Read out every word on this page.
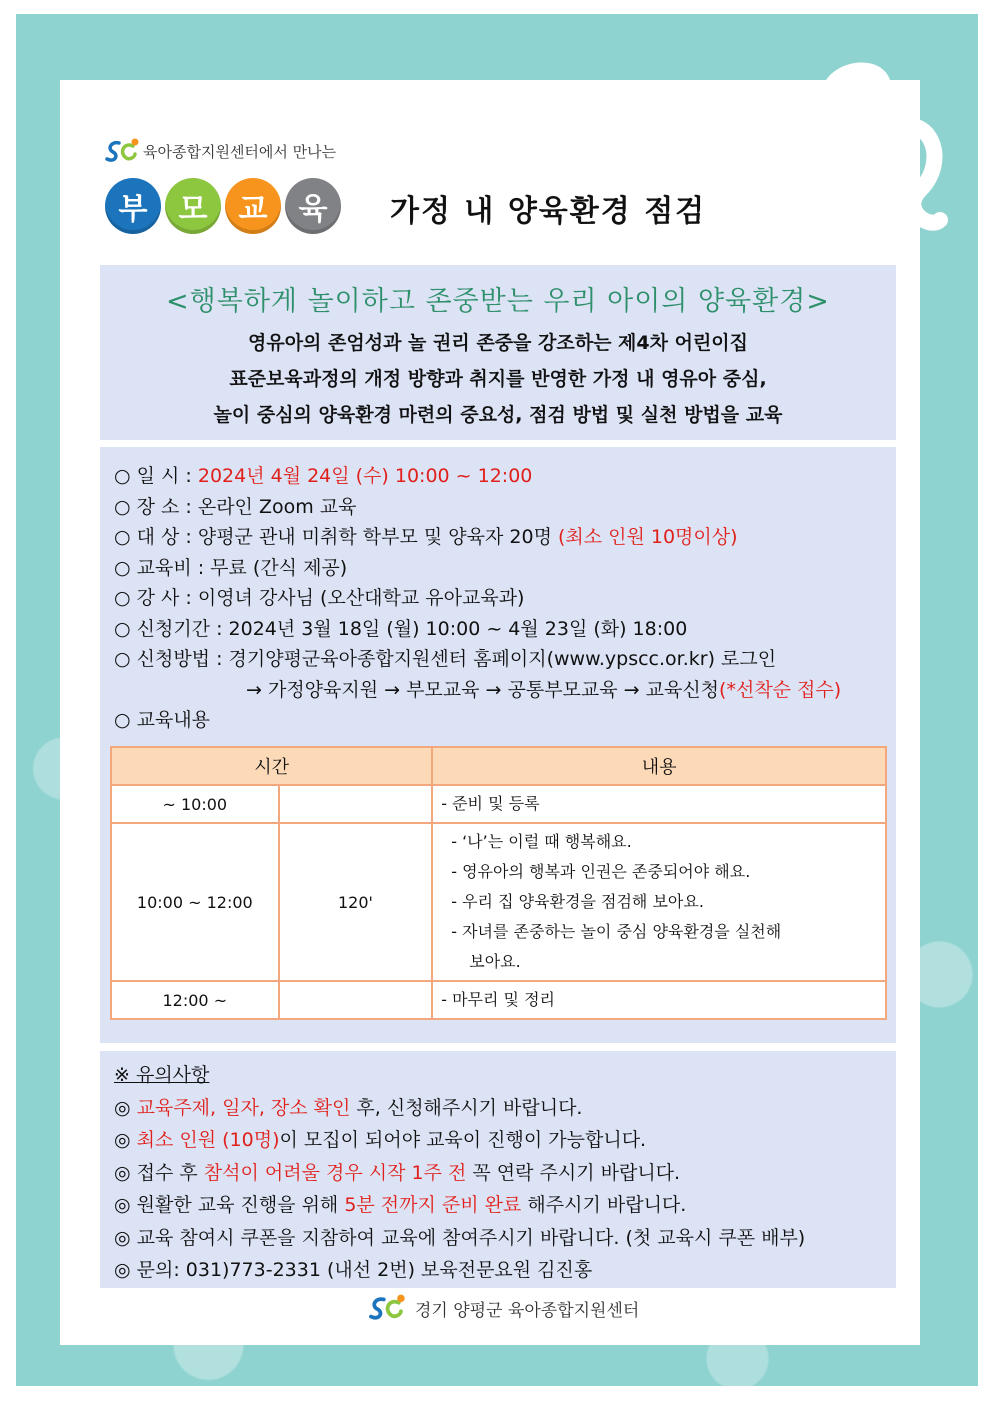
육아종합지원센터에서 만나는
부	모	교	육	가정 내 양육환경 점검
<행복하게 놀이하고 존중받는 우리 아이의 양육환경>
영유아의 존엄성과 놀 권리 존중을 강조하는 제4차 어린이집
표준보육과정의 개정 방향과 취지를 반영한 가정 내 영유아 중심,
놀이 중심의 양육환경 마련의 중요성, 점검 방법 및 실천 방법을 교육
○ 일 시 : 2024년 4월 24일 (수) 10:00 ~ 12:00
○ 장 소 : 온라인 Zoom 교육
○ 대 상 : 양평군 관내 미취학 학부모 및 양육자 20명 (최소 인원 10명이상)
○ 교육비 : 무료 (간식 제공)
○ 강 사 : 이영녀 강사님 (오산대학교 유아교육과)
○ 신청기간 : 2024년 3월 18일 (월) 10:00 ~ 4월 23일 (화) 18:00
○ 신청방법 : 경기양평군육아종합지원센터 홈페이지(www.ypscc.or.kr) 로그인
→ 가정양육지원 → 부모교육 → 공통부모교육 → 교육신청(*선착순 접수)
○ 교육내용
시간		내용
~ 10:00		- 준비 및 등록
10:00 ~ 12:00	120'	- ‘나’는 이럴 때 행복해요.
- 영유아의 행복과 인권은 존중되어야 해요.
- 우리 집 양육환경을 점검해 보아요.
- 자녀를 존중하는 놀이 중심 양육환경을 실천해
보아요.

12:00 ~		- 마무리 및 정리
※ 유의사항
◎ 교육주제, 일자, 장소 확인 후, 신청해주시기 바랍니다.
◎ 최소 인원 (10명)이 모집이 되어야 교육이 진행이 가능합니다.
◎ 접수 후 참석이 어려울 경우 시작 1주 전 꼭 연락 주시기 바랍니다.
◎ 원활한 교육 진행을 위해 5분 전까지 준비 완료 해주시기 바랍니다.
◎ 교육 참여시 쿠폰을 지참하여 교육에 참여주시기 바랍니다. (첫 교육시 쿠폰 배부)
◎ 문의: 031)773-2331 (내선 2번) 보육전문요원 김진홍
경기 양평군 육아종합지원센터
